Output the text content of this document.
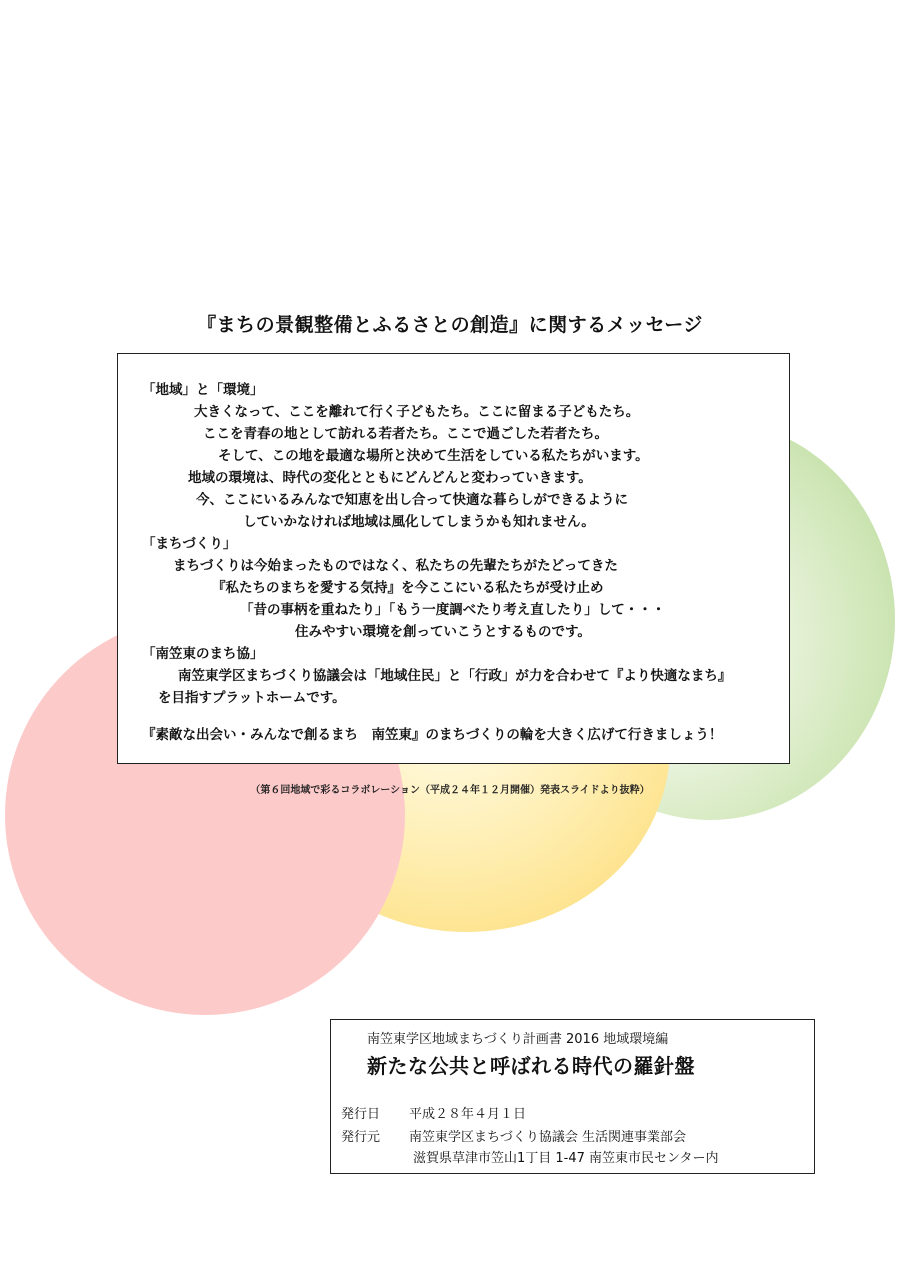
『まちの景観整備とふるさとの創造』に関するメッセージ
「地域」と「環境」
大きくなって、ここを離れて行く子どもたち。ここに留まる子どもたち。
ここを青春の地として訪れる若者たち。ここで過ごした若者たち。
そして、この地を最適な場所と決めて生活をしている私たちがいます。
地域の環境は、時代の変化とともにどんどんと変わっていきます。
今、ここにいるみんなで知恵を出し合って快適な暮らしができるように
していかなければ地域は風化してしまうかも知れません。
「まちづくり」
まちづくりは今始まったものではなく、私たちの先輩たちがたどってきた
『私たちのまちを愛する気持』を今ここにいる私たちが受け止め
「昔の事柄を重ねたり」「もう一度調べたり考え直したり」して・・・
住みやすい環境を創っていこうとするものです。
「南笠東のまち協」
南笠東学区まちづくり協議会は「地域住民」と「行政」が力を合わせて『より快適なまち』
を目指すプラットホームです。
『素敵な出会い・みんなで創るまち　南笠東』のまちづくりの輪を大きく広げて行きましょう！
（第６回地域で彩るコラボレーション（平成２４年１２月開催）発表スライドより抜粋）
南笠東学区地域まちづくり計画書 2016 地域環境編
新たな公共と呼ばれる時代の羅針盤
発行日 平成２８年４月１日
発行元 南笠東学区まちづくり協議会 生活関連事業部会
滋賀県草津市笠山1丁目 1-47 南笠東市民センター内
